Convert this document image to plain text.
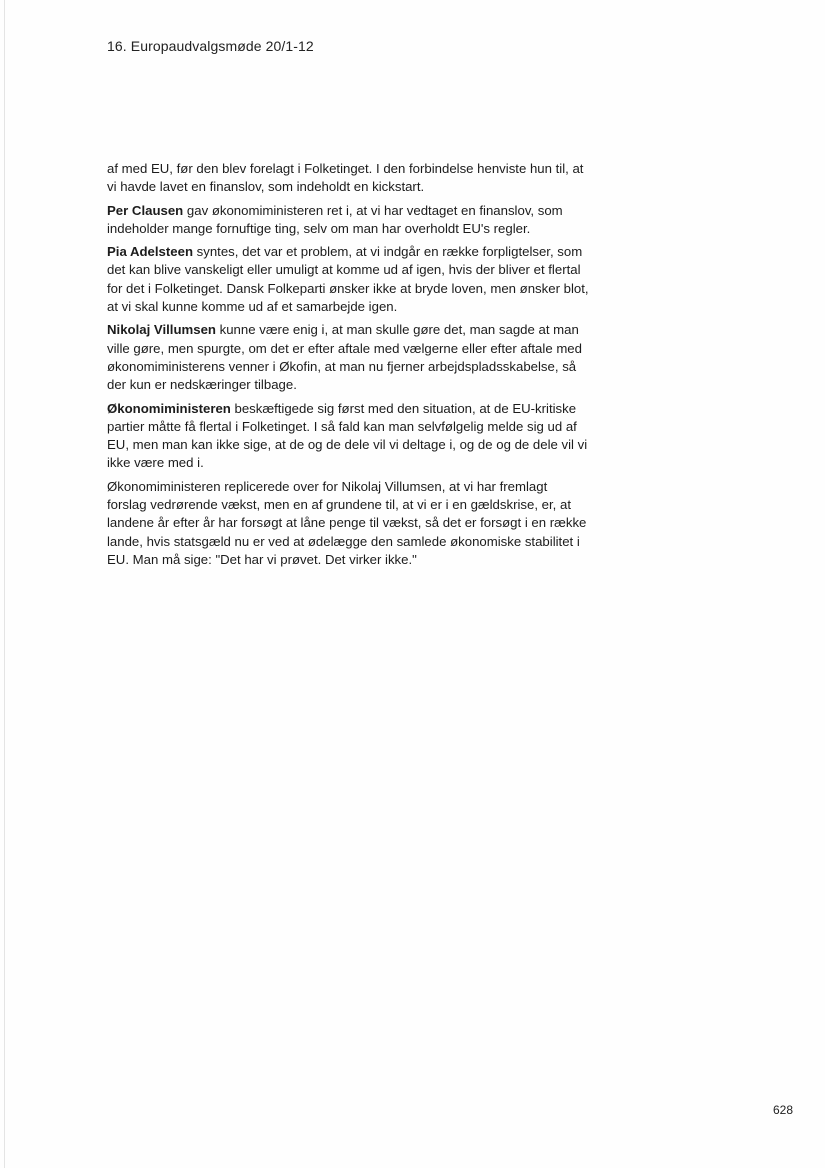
16. Europaudvalgsmøde 20/1-12

af med EU, før den blev forelagt i Folketinget. I den forbindelse henviste hun til, at vi havde lavet en finanslov, som indeholdt en kickstart.

Per Clausen gav økonomiministeren ret i, at vi har vedtaget en finanslov, som indeholder mange fornuftige ting, selv om man har overholdt EU's regler.

Pia Adelsteen syntes, det var et problem, at vi indgår en række forpligtelser, som det kan blive vanskeligt eller umuligt at komme ud af igen, hvis der bliver et flertal for det i Folketinget. Dansk Folkeparti ønsker ikke at bryde loven, men ønsker blot, at vi skal kunne komme ud af et samarbejde igen.

Nikolaj Villumsen kunne være enig i, at man skulle gøre det, man sagde at man ville gøre, men spurgte, om det er efter aftale med vælgerne eller efter aftale med økonomiministerens venner i Økofin, at man nu fjerner arbejdspladsskabelse, så der kun er nedskæringer tilbage.

Økonomiministeren beskæftigede sig først med den situation, at de EU-kritiske partier måtte få flertal i Folketinget. I så fald kan man selvfølgelig melde sig ud af EU, men man kan ikke sige, at de og de dele vil vi deltage i, og de og de dele vil vi ikke være med i.

Økonomiministeren replicerede over for Nikolaj Villumsen, at vi har fremlagt forslag vedrørende vækst, men en af grundene til, at vi er i en gældskrise, er, at landene år efter år har forsøgt at låne penge til vækst, så det er forsøgt i en række lande, hvis statsgæld nu er ved at ødelægge den samlede økonomiske stabilitet i EU. Man må sige: "Det har vi prøvet. Det virker ikke."

628
